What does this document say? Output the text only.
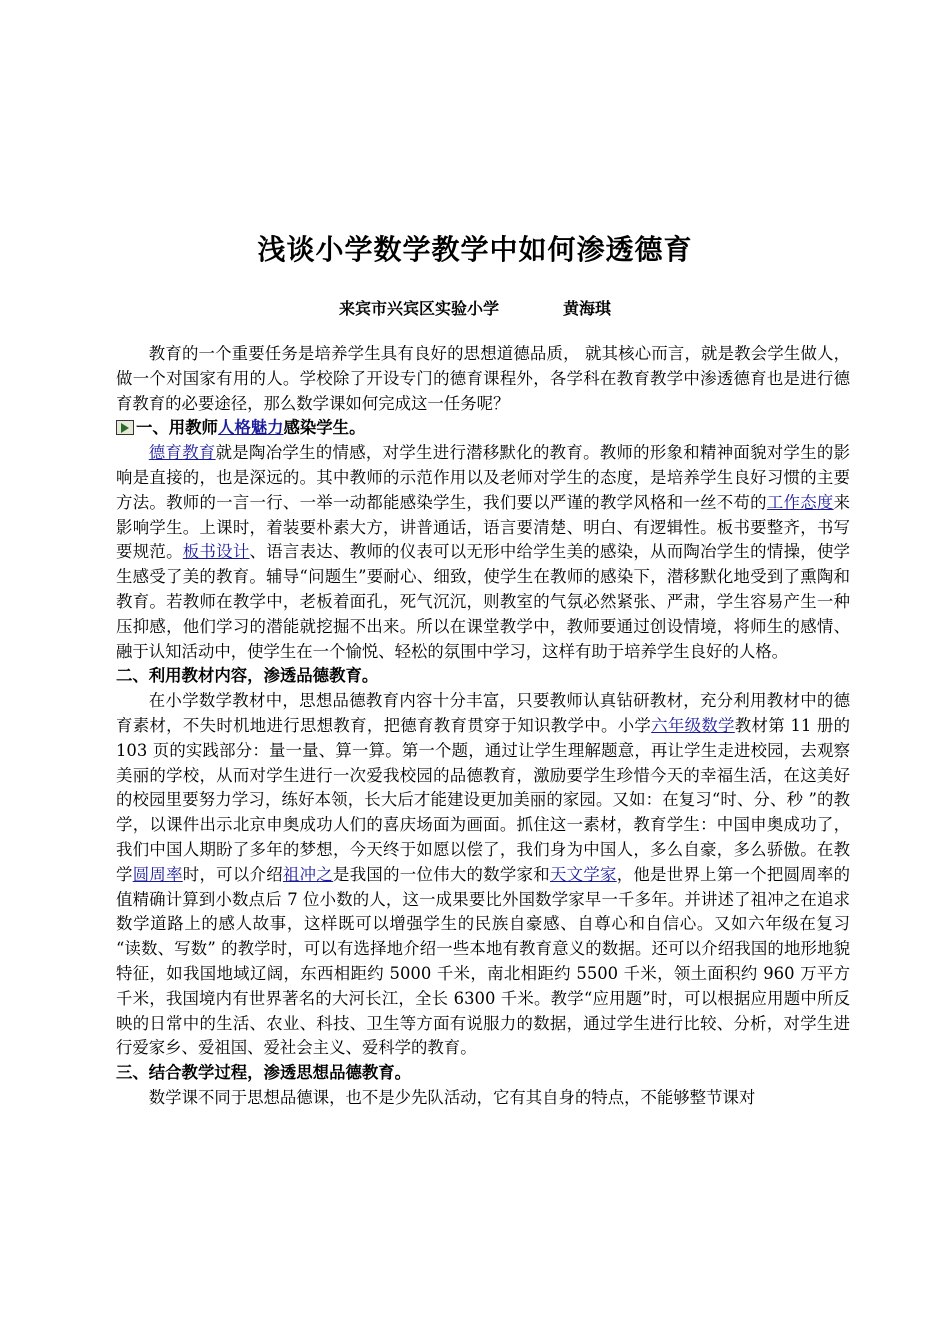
浅谈小学数学教学中如何渗透德育
来宾市兴宾区实验小学	黄海琪

教育的一个重要任务是培养学生具有良好的思想道德品质， 就其核心而言，就是教会学生做人，做一个对国家有用的人。学校除了开设专门的德育课程外，各学科在教育教学中渗透德育也是进行德育教育的必要途径，那么数学课如何完成这一任务呢？

一、用教师人格魅力感染学生。

德育教育就是陶冶学生的情感，对学生进行潜移默化的教育。教师的形象和精神面貌对学生的影响是直接的，也是深远的。其中教师的示范作用以及老师对学生的态度，是培养学生良好习惯的主要方法。教师的一言一行、一举一动都能感染学生，我们要以严谨的教学风格和一丝不苟的工作态度来影响学生。上课时，着装要朴素大方，讲普通话，语言要清楚、明白、有逻辑性。板书要整齐，书写要规范。板书设计、语言表达、教师的仪表可以无形中给学生美的感染，从而陶冶学生的情操，使学生感受了美的教育。辅导“问题生”要耐心、细致，使学生在教师的感染下，潜移默化地受到了熏陶和教育。若教师在教学中，老板着面孔，死气沉沉，则教室的气氛必然紧张、严肃，学生容易产生一种压抑感，他们学习的潜能就挖掘不出来。所以在课堂教学中，教师要通过创设情境，将师生的感情、融于认知活动中，使学生在一个愉悦、轻松的氛围中学习，这样有助于培养学生良好的人格。

二、利用教材内容，渗透品德教育。

在小学数学教材中，思想品德教育内容十分丰富，只要教师认真钻研教材，充分利用教材中的德育素材，不失时机地进行思想教育，把德育教育贯穿于知识教学中。小学六年级数学教材第 11 册的 103 页的实践部分：量一量、算一算。第一个题，通过让学生理解题意，再让学生走进校园，去观察美丽的学校，从而对学生进行一次爱我校园的品德教育，激励要学生珍惜今天的幸福生活，在这美好的校园里要努力学习，练好本领，长大后才能建设更加美丽的家园。又如：在复习“时、分、秒 ”的教学，以课件出示北京申奥成功人们的喜庆场面为画面。抓住这一素材，教育学生：中国申奥成功了，我们中国人期盼了多年的梦想，今天终于如愿以偿了，我们身为中国人，多么自豪，多么骄傲。在教学圆周率时，可以介绍祖冲之是我国的一位伟大的数学家和天文学家，他是世界上第一个把圆周率的值精确计算到小数点后 7 位小数的人，这一成果要比外国数学家早一千多年。并讲述了祖冲之在追求数学道路上的感人故事，这样既可以增强学生的民族自豪感、自尊心和自信心。又如六年级在复习 “读数、写数” 的教学时，可以有选择地介绍一些本地有教育意义的数据。还可以介绍我国的地形地貌特征，如我国地域辽阔，东西相距约 5000 千米，南北相距约 5500 千米，领土面积约 960 万平方千米，我国境内有世界著名的大河长江，全长 6300 千米。教学“应用题”时，可以根据应用题中所反映的日常中的生活、农业、科技、卫生等方面有说服力的数据，通过学生进行比较、分析，对学生进行爱家乡、爱祖国、爱社会主义、爱科学的教育。

三、结合教学过程，渗透思想品德教育。

数学课不同于思想品德课，也不是少先队活动，它有其自身的特点，不能够整节课对
